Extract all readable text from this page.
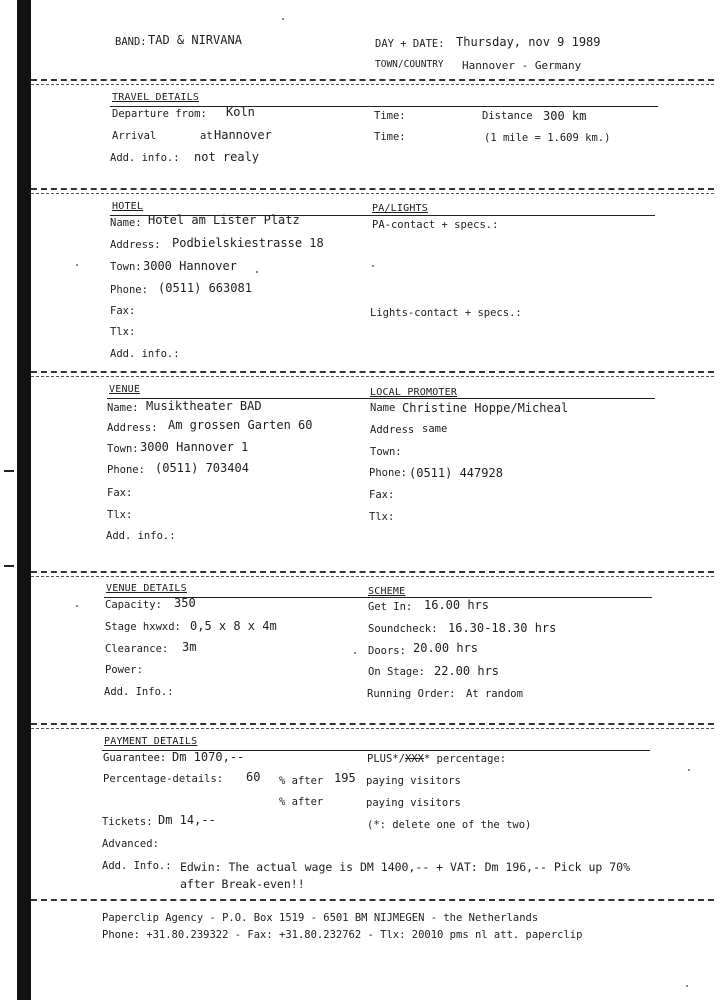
BAND: TAD & NIRVANA	DAY + DATE: Thursday, nov 9 1989
TOWN/COUNTRY Hannover - Germany
TRAVEL DETAILS
Departure from: Koln	Time:	Distance 300 km
Arrival	at Hannover	Time:	(1 mile = 1.609 km.)
Add. info.: not realy
HOTEL	PA/LIGHTS
Name: Hotel am Lister Platz	PA-contact + specs.:
Address: Podbielskiestrasse 18
Town: 3000 Hannover
Phone: (0511) 663081
Fax:	Lights-contact + specs.:
Tlx:
Add. info.:
VENUE	LOCAL PROMOTER
Name: Musiktheater BAD	Name Christine Hoppe/Micheal
Address: Am grossen Garten 60	Address same
Town: 3000 Hannover 1	Town:
Phone: (0511) 703404	Phone: (0511) 447928
Fax:	Fax:
Tlx:	Tlx:
Add. info.:
VENUE DETAILS	SCHEME
Capacity: 350	Get In: 16.00 hrs
Stage hxwxd: 0,5 x 8 x 4m	Soundcheck: 16.30-18.30 hrs
Clearance: 3m	Doors: 20.00 hrs
Power:	On Stage: 22.00 hrs
Add. Info.:	Running Order: At random
PAYMENT DETAILS
Guarantee: Dm 1070,--	PLUS*/XXX* percentage:
Percentage-details: 60 % after 195 paying visitors
% after	paying visitors
Tickets: Dm 14,--	(*: delete one of the two)
Advanced:
Add. Info.: Edwin: The actual wage is DM 1400,-- + VAT: Dm 196,-- Pick up 70%
after Break-even!!
Paperclip Agency - P.O. Box 1519 - 6501 BM NIJMEGEN - the Netherlands
Phone: +31.80.239322 - Fax: +31.80.232762 - Tlx: 20010 pms nl att. paperclip
